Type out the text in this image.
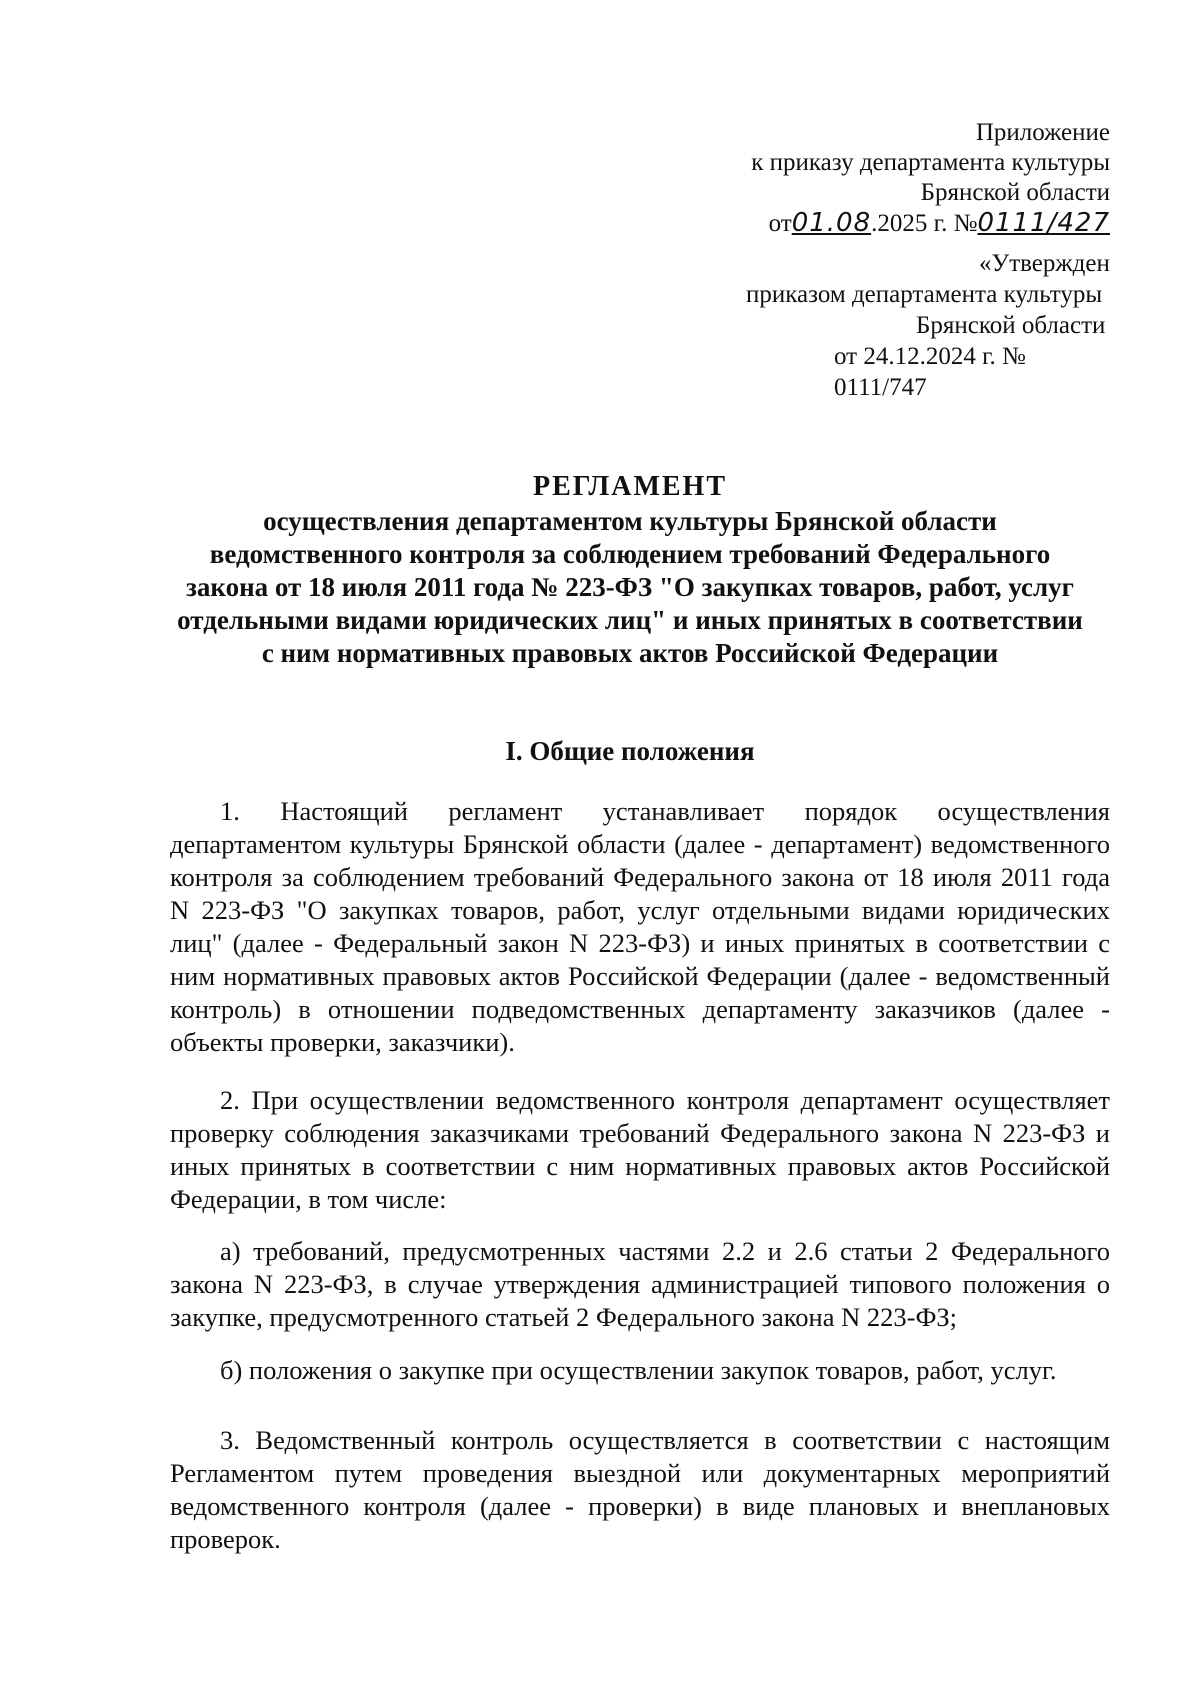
Приложение
к приказу департамента культуры
Брянской области
от01.08.2025 г. №0111/427
«Утвержден
приказом департамента культуры
Брянской области
от 24.12.2024 г. № 0111/747
РЕГЛАМЕНТ
осуществления департаментом культуры Брянской области ведомственного контроля за соблюдением требований Федерального закона от 18 июля 2011 года № 223-ФЗ "О закупках товаров, работ, услуг отдельными видами юридических лиц" и иных принятых в соответствии с ним нормативных правовых актов Российской Федерации
I. Общие положения

1. Настоящий регламент устанавливает порядок осуществления департаментом культуры Брянской области (далее - департамент) ведомственного контроля за соблюдением требований Федерального закона от 18 июля 2011 года N 223-ФЗ "О закупках товаров, работ, услуг отдельными видами юридических лиц" (далее - Федеральный закон N 223-ФЗ) и иных принятых в соответствии с ним нормативных правовых актов Российской Федерации (далее - ведомственный контроль) в отношении подведомственных департаменту заказчиков (далее - объекты проверки, заказчики).

2. При осуществлении ведомственного контроля департамент осуществляет проверку соблюдения заказчиками требований Федерального закона N 223-ФЗ и иных принятых в соответствии с ним нормативных правовых актов Российской Федерации, в том числе:

а) требований, предусмотренных частями 2.2 и 2.6 статьи 2 Федерального закона N 223-ФЗ, в случае утверждения администрацией типового положения о закупке, предусмотренного статьей 2 Федерального закона N 223-ФЗ;

б) положения о закупке при осуществлении закупок товаров, работ, услуг.

3. Ведомственный контроль осуществляется в соответствии с настоящим Регламентом путем проведения выездной или документарных мероприятий ведомственного контроля (далее - проверки) в виде плановых и внеплановых проверок.
